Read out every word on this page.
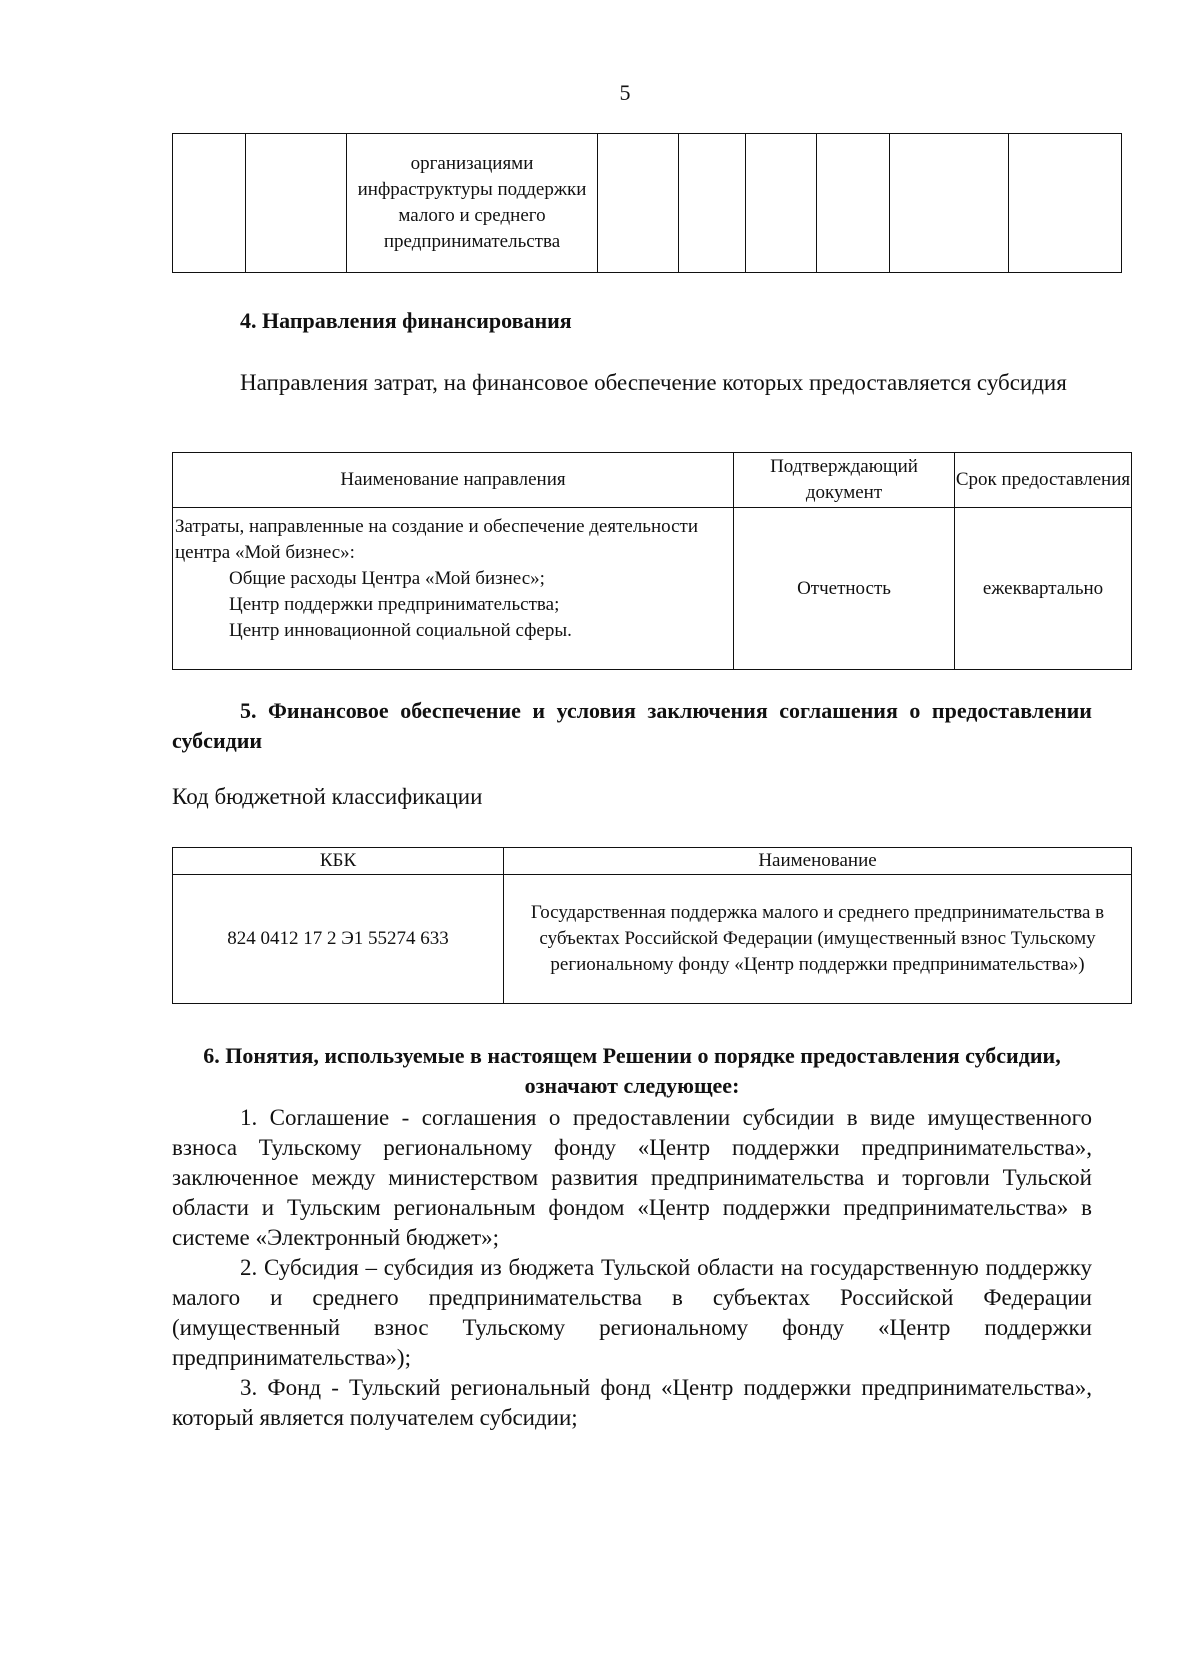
5
		организациями инфраструктуры поддержки малого и среднего предпринимательства						
4. Направления финансирования
Направления затрат, на финансовое обеспечение которых предоставляется субсидия
Наименование направления	Подтверждающий документ	Срок предоставления

Затраты, направленные на создание и обеспечение деятельности центра «Мой бизнес»:
Общие расходы Центра «Мой бизнес»;
Центр поддержки предпринимательства;
Центр инновационной социальной сферы.	Отчетность	ежеквартально
5. Финансовое обеспечение и условия заключения соглашения о предоставлении субсидии
Код бюджетной классификации
КБК	Наименование
824 0412 17 2 Э1 55274 633	Государственная поддержка малого и среднего предпринимательства в субъектах Российской Федерации (имущественный взнос Тульскому региональному фонду «Центр поддержки предпринимательства»)
6. Понятия, используемые в настоящем Решении о порядке предоставления субсидии, означают следующее:

1. Соглашение - соглашения о предоставлении субсидии в виде имущественного взноса Тульскому региональному фонду «Центр поддержки предпринимательства», заключенное между министерством развития предпринимательства и торговли Тульской области и Тульским региональным фондом «Центр поддержки предпринимательства» в системе «Электронный бюджет»;

2. Субсидия – субсидия из бюджета Тульской области на государственную поддержку малого и среднего предпринимательства в субъектах Российской Федерации (имущественный взнос Тульскому региональному фонду «Центр поддержки предпринимательства»);

3. Фонд - Тульский региональный фонд «Центр поддержки предпринимательства», который является получателем субсидии;
